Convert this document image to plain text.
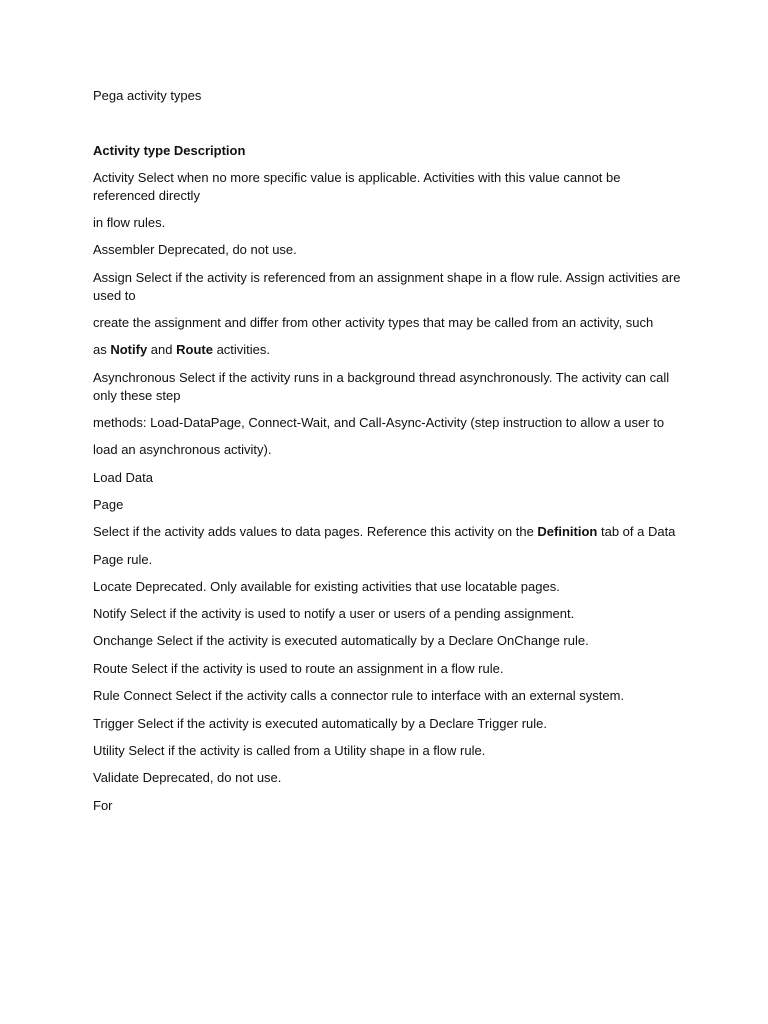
Pega activity types
Activity type Description
Activity Select when no more specific value is applicable. Activities with this value cannot be referenced directly
in flow rules.
Assembler Deprecated, do not use.
Assign Select if the activity is referenced from an assignment shape in a flow rule. Assign activities are used to
create the assignment and differ from other activity types that may be called from an activity, such
as Notify and Route activities.
Asynchronous Select if the activity runs in a background thread asynchronously. The activity can call only these step
methods: Load-DataPage, Connect-Wait, and Call-Async-Activity (step instruction to allow a user to
load an asynchronous activity).
Load Data
Page
Select if the activity adds values to data pages. Reference this activity on the Definition tab of a Data
Page rule.
Locate Deprecated. Only available for existing activities that use locatable pages.
Notify Select if the activity is used to notify a user or users of a pending assignment.
Onchange Select if the activity is executed automatically by a Declare OnChange rule.
Route Select if the activity is used to route an assignment in a flow rule.
Rule Connect Select if the activity calls a connector rule to interface with an external system.
Trigger Select if the activity is executed automatically by a Declare Trigger rule.
Utility Select if the activity is called from a Utility shape in a flow rule.
Validate Deprecated, do not use.
For
